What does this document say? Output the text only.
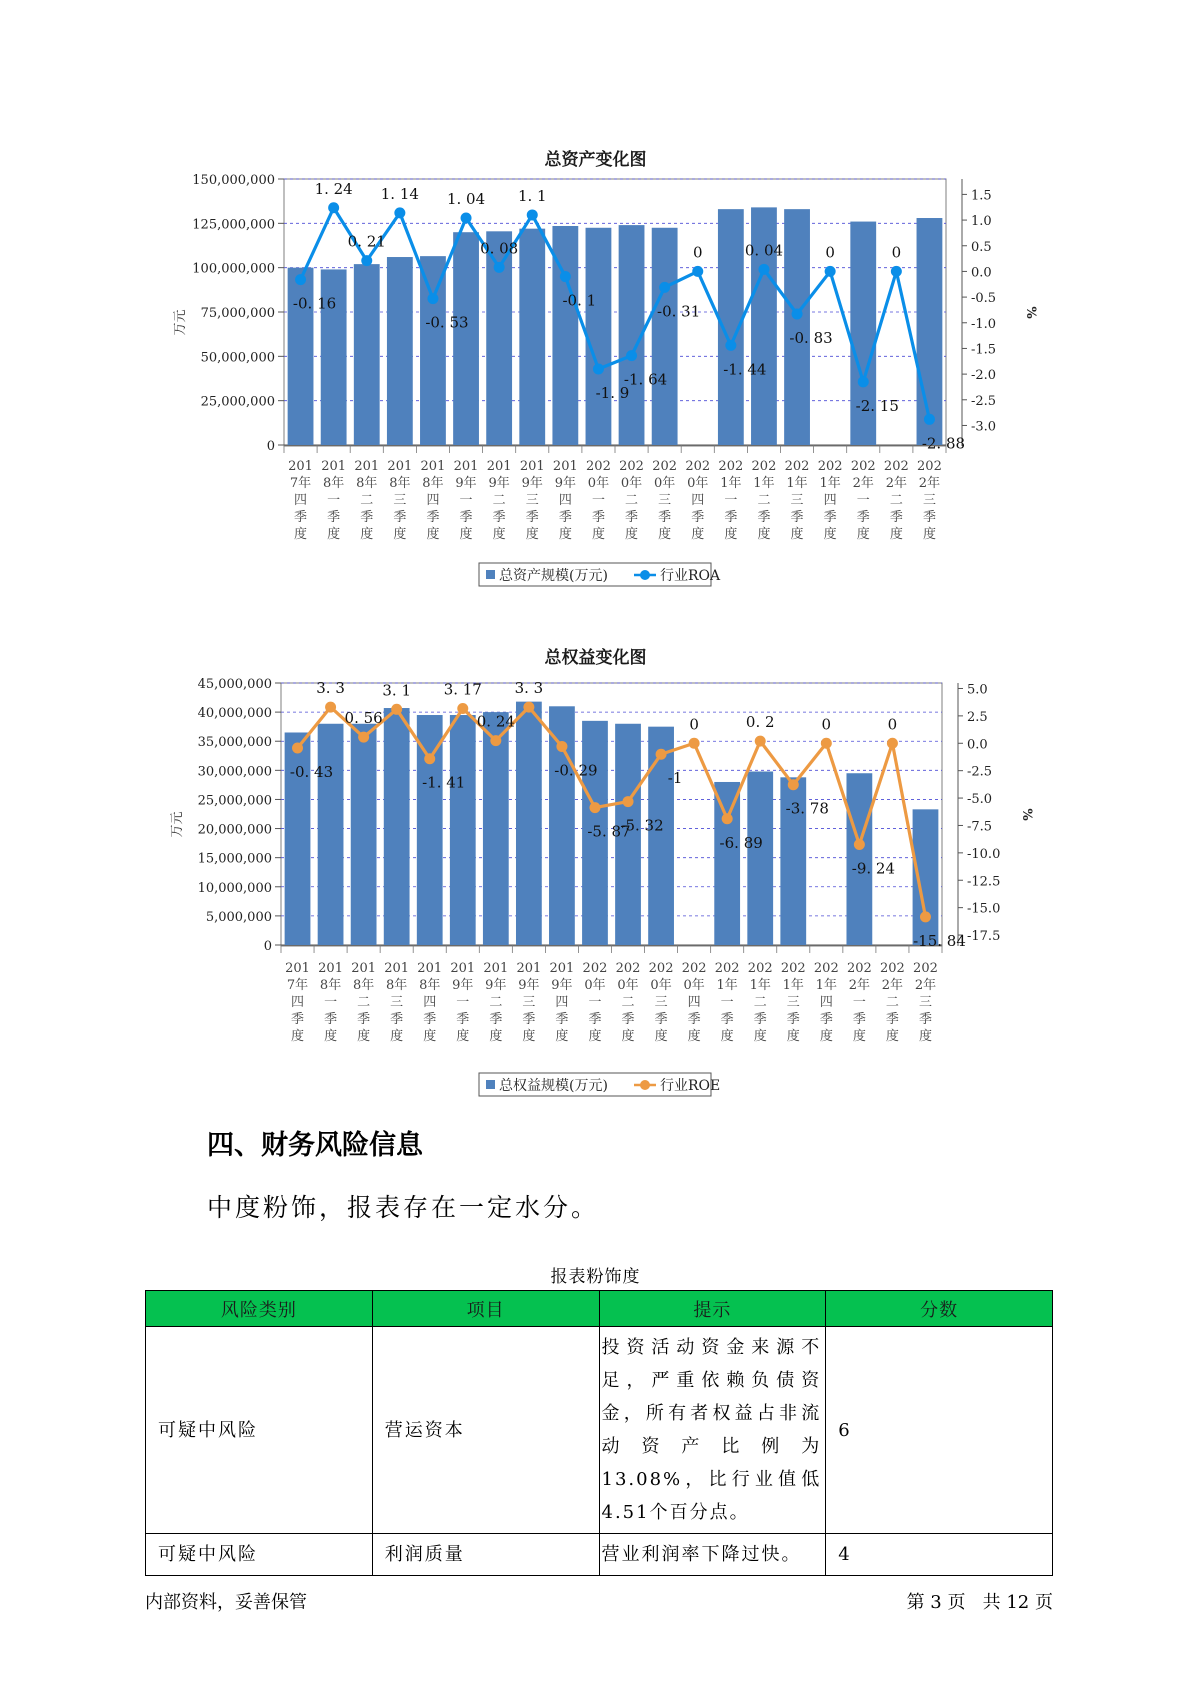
总资产变化图
0
25,000,000
50,000,000
75,000,000
100,000,000
125,000,000
150,000,000
万元
1.5
1.0
0.5
0.0
-0.5
-1.0
-1.5
-2.0
-2.5
-3.0
%
201 7年四季度
201 8年一季度
201 8年二季度
201 8年三季度
201 8年四季度
201 9年一季度
201 9年二季度
201 9年三季度
201 9年四季度
202 0年一季度
202 0年二季度
202 0年三季度
202 0年四季度
202 1年一季度
202 1年二季度
202 1年三季度
202 1年四季度
202 2年一季度
202 2年二季度
202 2年三季度
-0. 16
1. 24
0. 21
1. 14
-0. 53
1. 04
0. 08
1. 1
-0. 1
-1. 9
-1. 64
-0. 31
0
-1. 44
0. 04
-0. 83
0
-2. 15
0
-2. 88
总资产规模(万元)	行业ROA
总权益变化图
0
5,000,000
10,000,000
15,000,000
20,000,000
25,000,000
30,000,000
35,000,000
40,000,000
45,000,000
万元
5.0
2.5
0.0
-2.5
-5.0
-7.5
-10.0
-12.5
-15.0
-17.5
%
201 7年四季度
201 8年一季度
201 8年二季度
201 8年三季度
201 8年四季度
201 9年一季度
201 9年二季度
201 9年三季度
201 9年四季度
202 0年一季度
202 0年二季度
202 0年三季度
202 0年四季度
202 1年一季度
202 1年二季度
202 1年三季度
202 1年四季度
202 2年一季度
202 2年二季度
202 2年三季度
-0. 43
3. 3
0. 56
3. 1
-1. 41
3. 17
0. 24
3. 3
-0. 29
-5. 87
-5. 32
-1
0
-6. 89
0. 2
-3. 78
0
-9. 24
0
-15. 84
总权益规模(万元)	行业ROE
四、财务风险信息

中度粉饰，报表存在一定水分。

报表粉饰度
风险类别	项目	提示	分数
可疑中风险	营运资本	投资活动资金来源不足，严重依赖负债资金，所有者权益占非流动资产比例为13.08%，比行业值低4.51个百分点。	6
可疑中风险	利润质量	营业利润率下降过快。	4
内部资料，妥善保管	第 3 页   共 12 页
